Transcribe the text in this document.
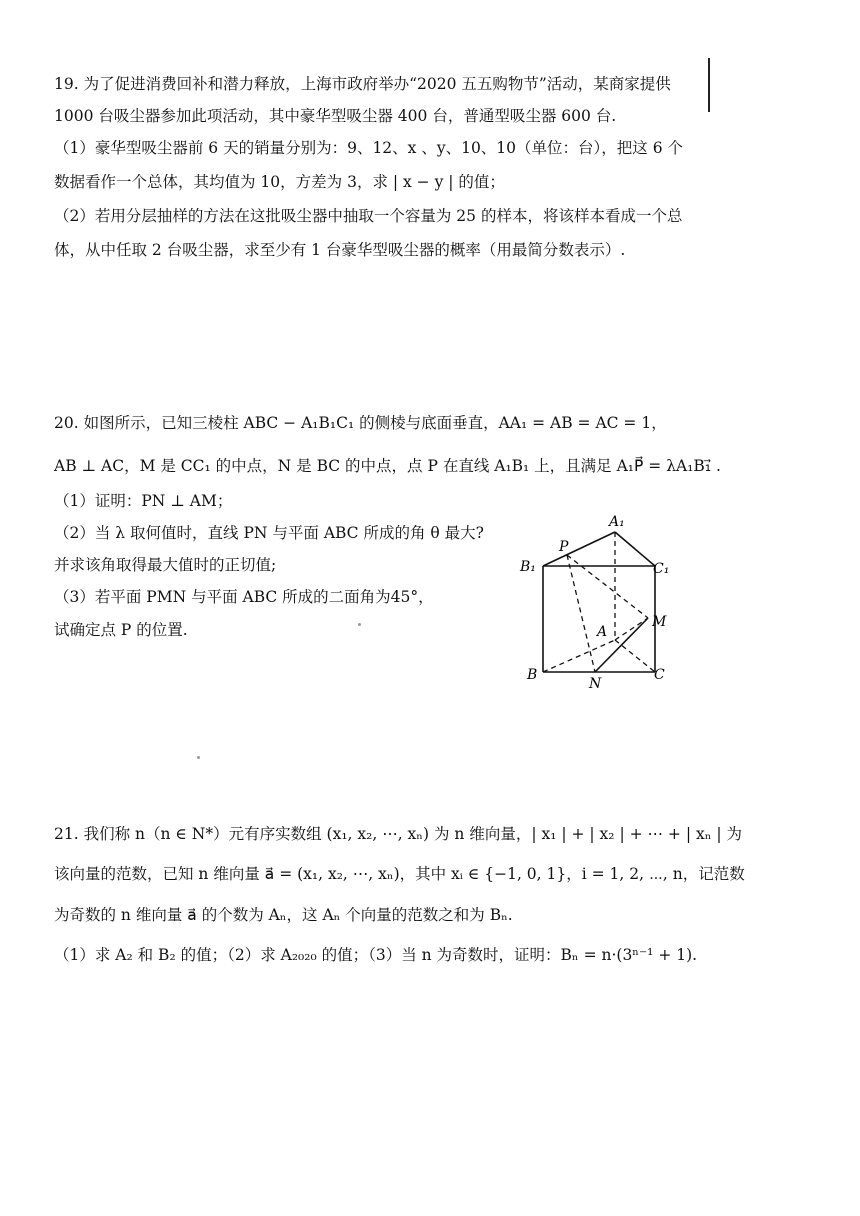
19. 为了促进消费回补和潜力释放，上海市政府举办“2020 五五购物节”活动，某商家提供
1000 台吸尘器参加此项活动，其中豪华型吸尘器 400 台，普通型吸尘器 600 台.
（1）豪华型吸尘器前 6 天的销量分别为：9、12、x 、y、10、10（单位：台），把这 6 个
数据看作一个总体，其均值为 10，方差为 3，求 | x − y | 的值；
（2）若用分层抽样的方法在这批吸尘器中抽取一个容量为 25 的样本，将该样本看成一个总
体，从中任取 2 台吸尘器，求至少有 1 台豪华型吸尘器的概率（用最简分数表示）.
20. 如图所示，已知三棱柱 ABC − A₁B₁C₁ 的侧棱与底面垂直，AA₁ = AB = AC = 1，
AB ⊥ AC，M 是 CC₁ 的中点，N 是 BC 的中点，点 P 在直线 A₁B₁ 上，且满足 A₁P⃗ = λA₁B₁⃗ .
（1）证明：PN ⊥ AM；
（2）当 λ 取何值时，直线 PN 与平面 ABC 所成的角 θ 最大?
并求该角取得最大值时的正切值;
（3）若平面 PMN 与平面 ABC 所成的二面角为45°，
试确定点 P 的位置.
A₁
B₁	C₁
P
M
A
B
N
C
21. 我们称 n（n ∈ N*）元有序实数组 (x₁, x₂, ⋯, xₙ) 为 n 维向量，| x₁ | + | x₂ | + ⋯ + | xₙ | 为
该向量的范数，已知 n 维向量 a⃗ = (x₁, x₂, ⋯, xₙ)，其中 xᵢ ∈ {−1, 0, 1}，i = 1, 2, ⋯, n，记范数
为奇数的 n 维向量 a⃗ 的个数为 Aₙ，这 Aₙ 个向量的范数之和为 Bₙ.
（1）求 A₂ 和 B₂ 的值；（2）求 A₂₀₂₀ 的值；（3）当 n 为奇数时，证明：Bₙ = n·(3ⁿ⁻¹ + 1).
